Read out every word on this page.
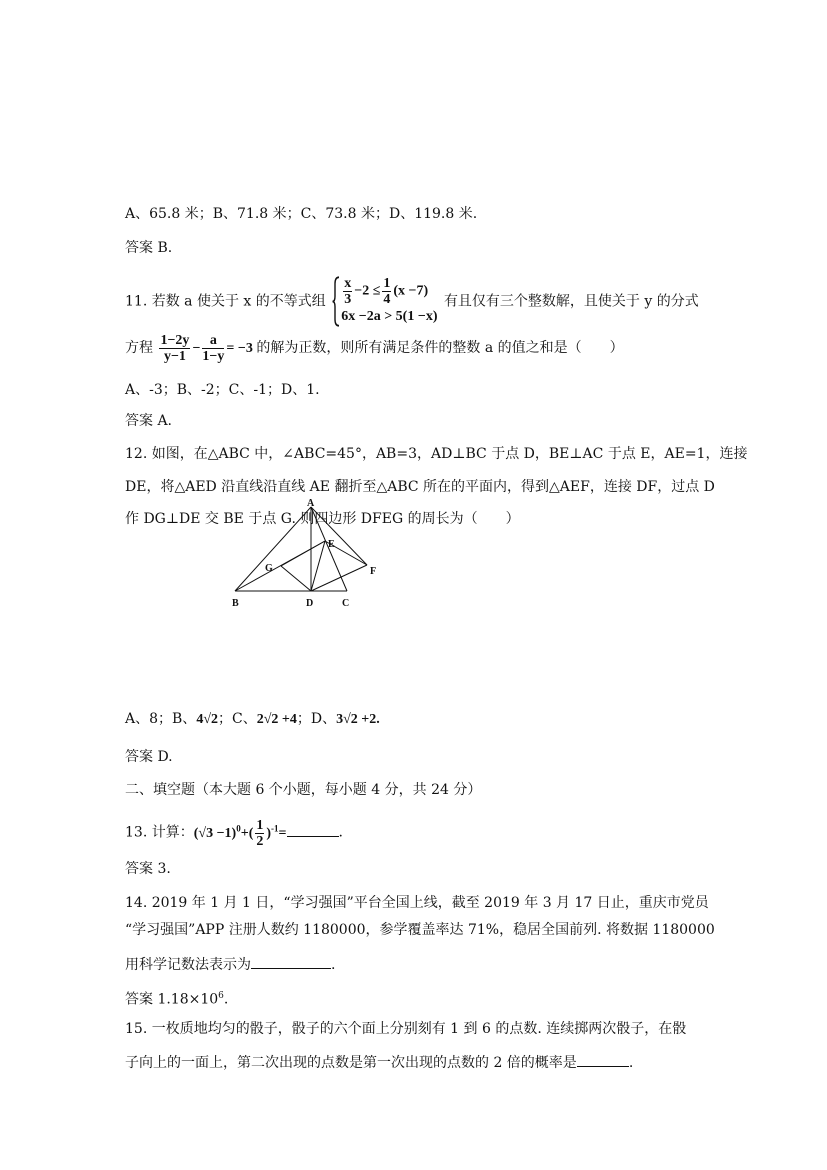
A、65.8 米；B、71.8 米；C、73.8 米；D、119.8 米.
答案 B.
11. 若数 a 使关于 x 的不等式组 $\frac{x}{3} -2 \le \frac{1}{4} (x -7)$
6x −2a > 5(1 −x)
有且仅有三个整数解，且使关于 y 的分式
方程 $\frac{1-2y}{y-1} - \frac{a}{1-y} = -3$ 的解为正数，则所有满足条件的整数 a 的值之和是（　　）
A、-3；B、-2；C、-1；D、1.
答案 A.
12. 如图，在△ABC 中，∠ABC=45°，AB=3，AD⊥BC 于点 D，BE⊥AC 于点 E，AE=1，连接
DE，将△AED 沿直线沿直线 AE 翻折至△ABC 所在的平面内，得到△AEF，连接 DF，过点 D
作 DG⊥DE 交 BE 于点 G. 则四边形 DFEG 的周长为（　　）
A
B	C
D
E
F
G
A、8；B、4√2；C、2√2 +4；D、3√2 +2.
答案 D.
二、填空题（本大题 6 个小题，每小题 4 分，共 24 分）
13. 计算：$(√3 -1)^0+( \frac{1}{2} )^{-1}=$	.
答案 3.
14. 2019 年 1 月 1 日，“学习强国”平台全国上线，截至 2019 年 3 月 17 日止，重庆市党员
“学习强国”APP 注册人数约 1180000，参学覆盖率达 71%，稳居全国前列. 将数据 1180000
用科学记数法表示为	.
答案 $1.18\times 10^6$.
15. 一枚质地均匀的骰子，骰子的六个面上分别刻有 1 到 6 的点数. 连续掷两次骰子，在骰
子向上的一面上，第二次出现的点数是第一次出现的点数的 2 倍的概率是	.
